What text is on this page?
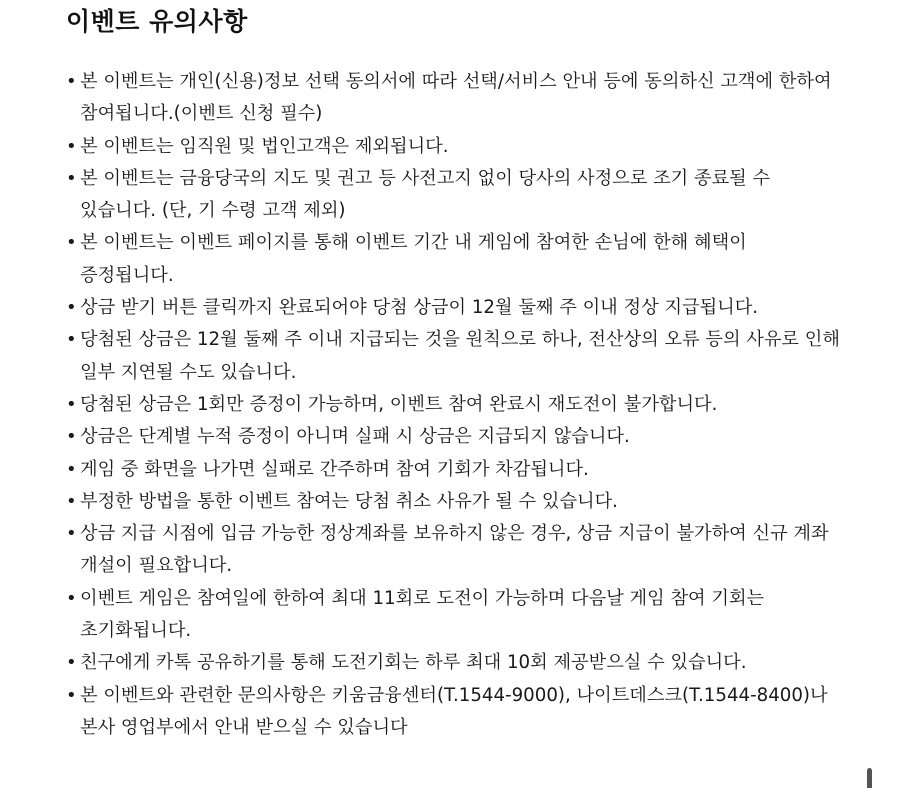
이벤트 유의사항
• 본 이벤트는 개인(신용)정보 선택 동의서에 따라 선택/서비스 안내 등에 동의하신 고객에 한하여 참여됩니다.(이벤트 신청 필수)
• 본 이벤트는 임직원 및 법인고객은 제외됩니다.
• 본 이벤트는 금융당국의 지도 및 권고 등 사전고지 없이 당사의 사정으로 조기 종료될 수 있습니다. (단, 기 수령 고객 제외)
• 본 이벤트는 이벤트 페이지를 통해 이벤트 기간 내 게임에 참여한 손님에 한해 혜택이 증정됩니다.
• 상금 받기 버튼 클릭까지 완료되어야 당첨 상금이 12월 둘째 주 이내 정상 지급됩니다.
• 당첨된 상금은 12월 둘째 주 이내 지급되는 것을 원칙으로 하나, 전산상의 오류 등의 사유로 인해 일부 지연될 수도 있습니다.
• 당첨된 상금은 1회만 증정이 가능하며, 이벤트 참여 완료시 재도전이 불가합니다.
• 상금은 단계별 누적 증정이 아니며 실패 시 상금은 지급되지 않습니다.
• 게임 중 화면을 나가면 실패로 간주하며 참여 기회가 차감됩니다.
• 부정한 방법을 통한 이벤트 참여는 당첨 취소 사유가 될 수 있습니다.
• 상금 지급 시점에 입금 가능한 정상계좌를 보유하지 않은 경우, 상금 지급이 불가하여 신규 계좌 개설이 필요합니다.
• 이벤트 게임은 참여일에 한하여 최대 11회로 도전이 가능하며 다음날 게임 참여 기회는 초기화됩니다.
• 친구에게 카톡 공유하기를 통해 도전기회는 하루 최대 10회 제공받으실 수 있습니다.
• 본 이벤트와 관련한 문의사항은 키움금융센터(T.1544-9000), 나이트데스크(T.1544-8400)나 본사 영업부에서 안내 받으실 수 있습니다
